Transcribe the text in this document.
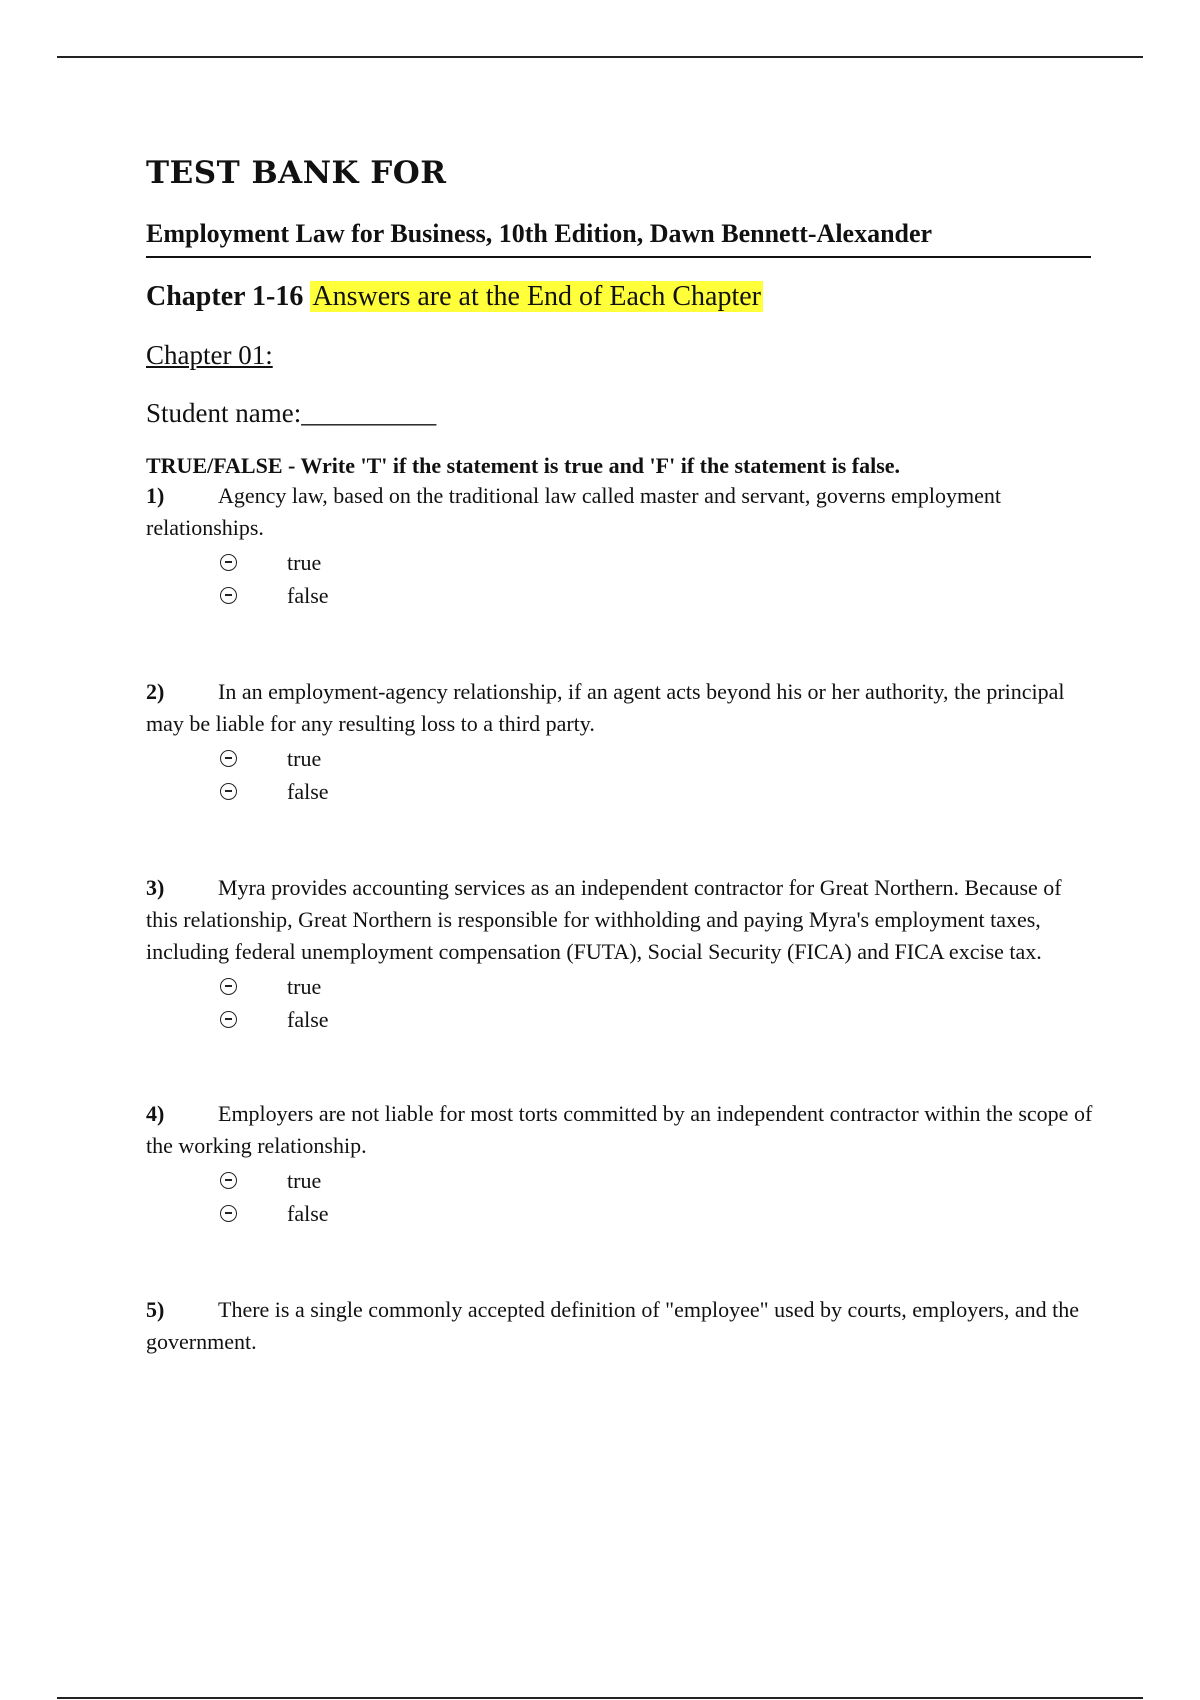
TEST BANK FOR
Employment Law for Business, 10th Edition, Dawn Bennett-Alexander
Chapter 1-16 Answers are at the End of Each Chapter
Chapter 01:
Student name:__________
TRUE/FALSE - Write 'T' if the statement is true and 'F' if the statement is false.
1) Agency law, based on the traditional law called master and servant, governs employment relationships.
true
false
2) In an employment-agency relationship, if an agent acts beyond his or her authority, the principal may be liable for any resulting loss to a third party.
true
false
3) Myra provides accounting services as an independent contractor for Great Northern. Because of this relationship, Great Northern is responsible for withholding and paying Myra's employment taxes, including federal unemployment compensation (FUTA), Social Security (FICA) and FICA excise tax.
true
false
4) Employers are not liable for most torts committed by an independent contractor within the scope of the working relationship.
true
false
5) There is a single commonly accepted definition of "employee" used by courts, employers, and the government.
